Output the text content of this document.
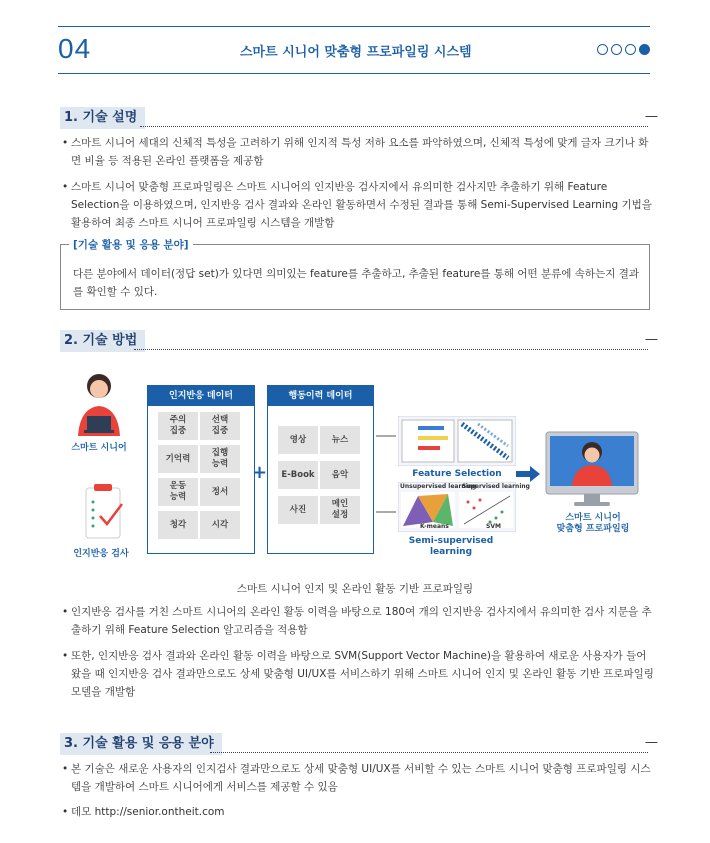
04	스마트 시니어 맞춤형 프로파일링 시스템
1. 기술 설명
• 스마트 시니어 세대의 신체적 특성을 고려하기 위해 인지적 특성 저하 요소를 파악하였으며, 신체적 특성에 맞게 글자 크기나 화면 비율 등 적용된 온라인 플랫폼을 제공함
• 스마트 시니어 맞춤형 프로파일링은 스마트 시니어의 인지반응 검사지에서 유의미한 검사지만 추출하기 위해 Feature Selection을 이용하였으며, 인지반응 검사 결과와 온라인 활동하면서 수정된 결과를 통해 Semi-Supervised Learning 기법을 활용하여 최종 스마트 시니어 프로파일링 시스템을 개발함
[기술 활용 및 응용 분야]
다른 분야에서 데이터(정답 set)가 있다면 의미있는 feature를 추출하고, 추출된 feature를 통해 어떤 분류에 속하는지 결과를 확인할 수 있다.
2. 기술 방법
스마트 시니어
인지반응 검사
인지반응 데이터
주의
집중
선택
집중
기억력
집행
능력
운동
능력
정서
청각	시각
+
행동이력 데이터
영상	뉴스
E-Book	음악
사진
메인
설정
Feature Selection
Unsupervised learning
Supervised learning
K-means	SVM
Semi-supervised learning
스마트 시니어
맞춤형 프로파일링
스마트 시니어 인지 및 온라인 활동 기반 프로파일링
• 인지반응 검사를 거친 스마트 시니어의 온라인 활동 이력을 바탕으로 180여 개의 인지반응 검사지에서 유의미한 검사 지문을 추출하기 위해 Feature Selection 알고리즘을 적용함
• 또한, 인지반응 검사 결과와 온라인 활동 이력을 바탕으로 SVM(Support Vector Machine)을 활용하여 새로운 사용자가 들어왔을 때 인지반응 검사 결과만으로도 상세 맞춤형 UI/UX를 서비스하기 위해 스마트 시니어 인지 및 온라인 활동 기반 프로파일링 모델을 개발함
3. 기술 활용 및 응용 분야
• 본 기술은 새로운 사용자의 인지검사 결과만으로도 상세 맞춤형 UI/UX를 서비할 수 있는 스마트 시니어 맞춤형 프로파일링 시스템을 개발하여 스마트 시니어에게 서비스를 제공할 수 있음
• 데모 http://senior.ontheit.com
